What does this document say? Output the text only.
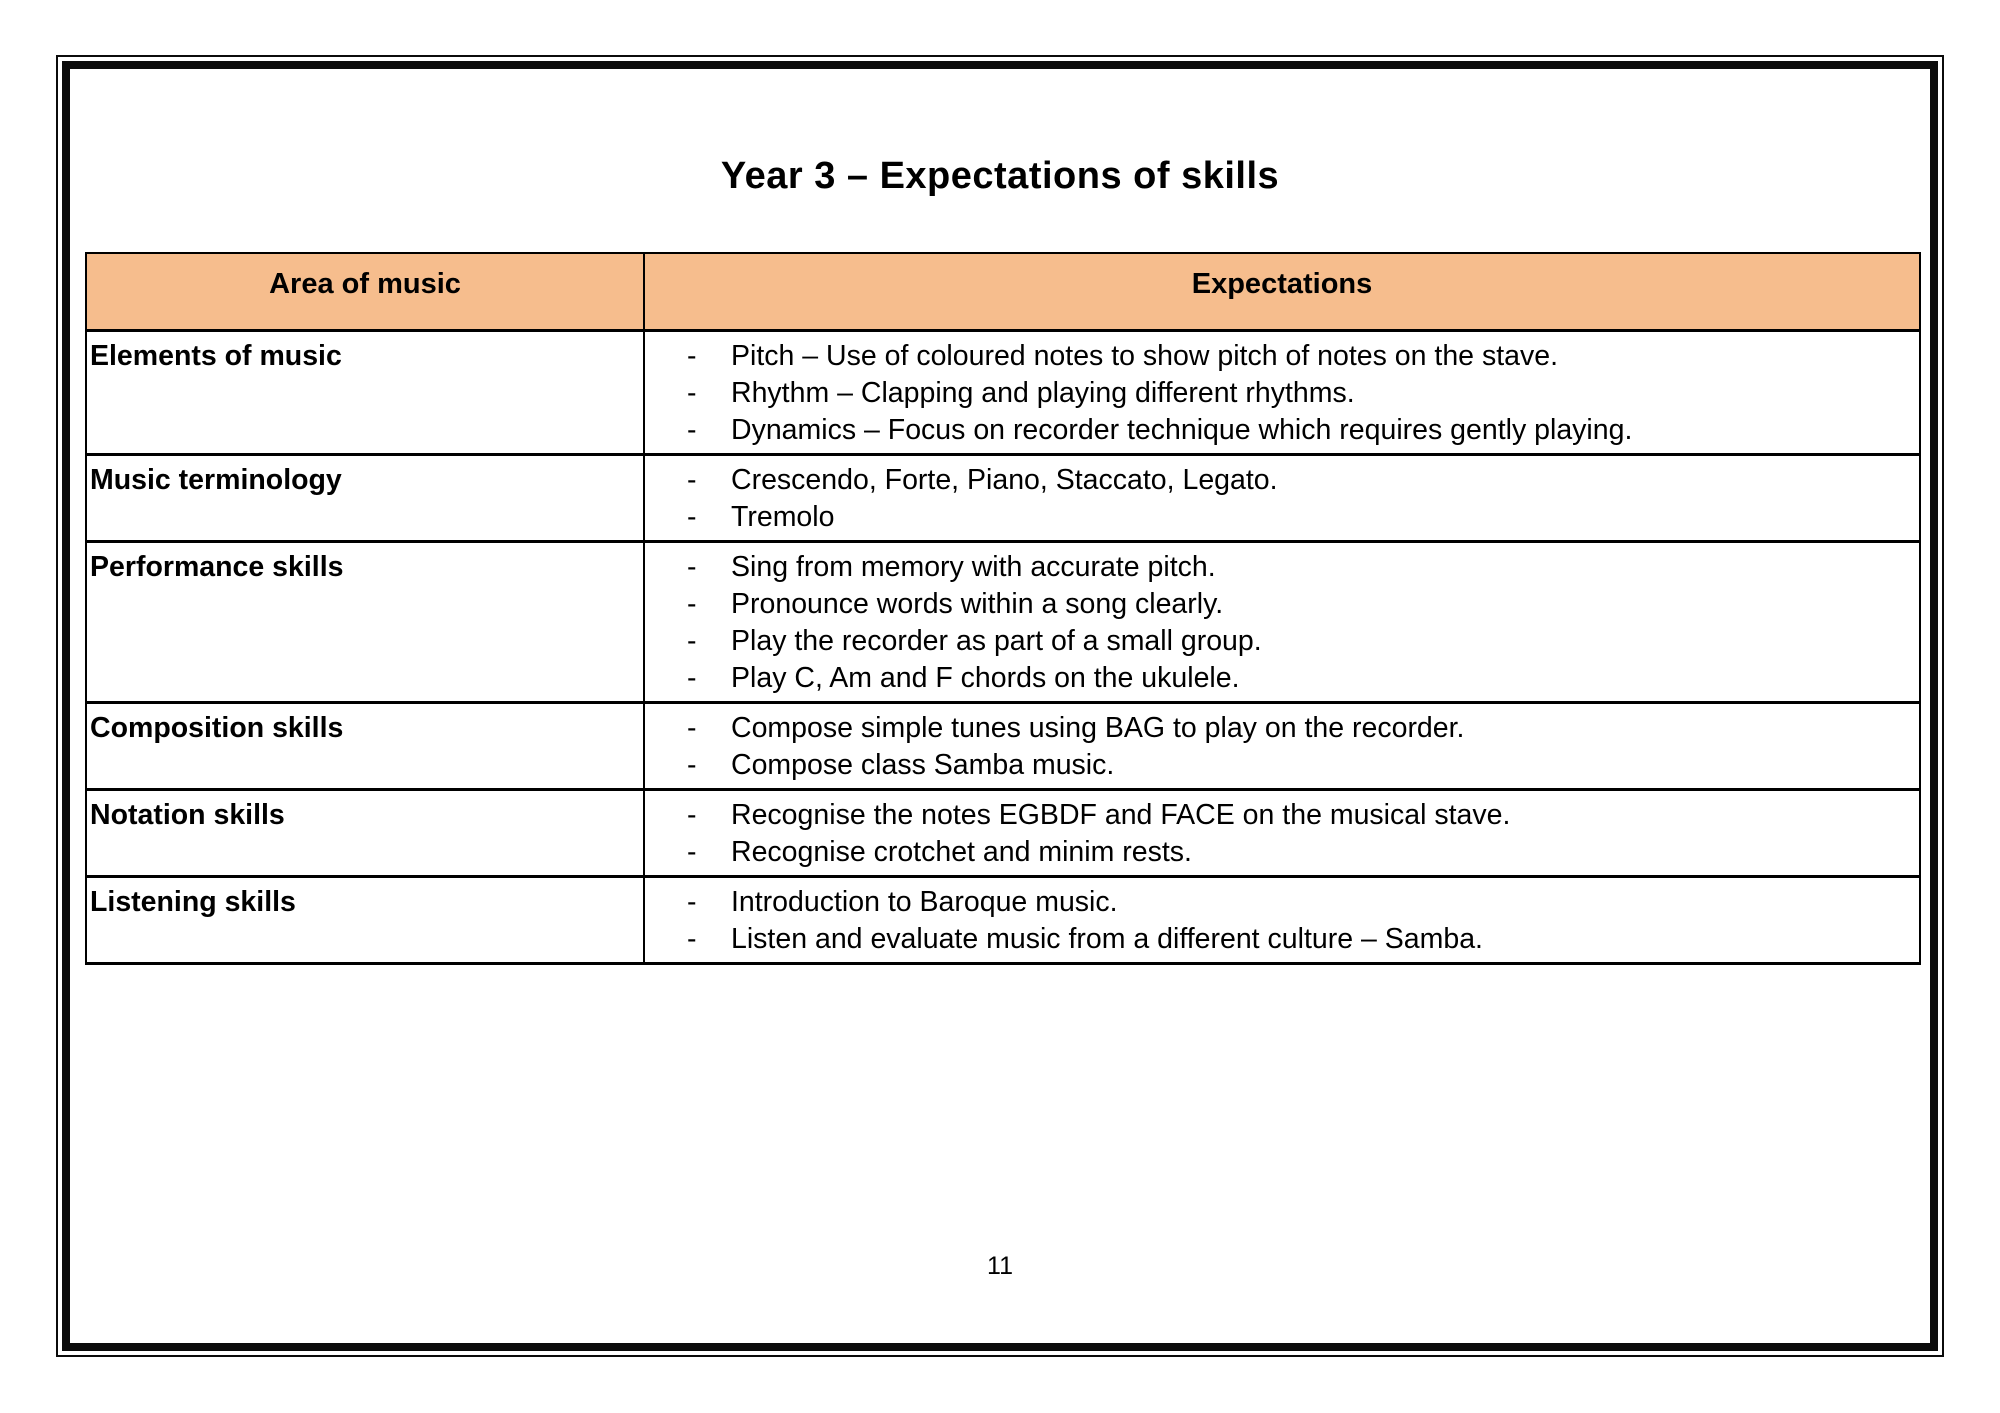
Year 3 – Expectations of skills
Area of music	Expectations
Elements of music	-	Pitch – Use of coloured notes to show pitch of notes on the stave.
-	Rhythm – Clapping and playing different rhythms.
-	Dynamics – Focus on recorder technique which requires gently playing.

Music terminology	- Crescendo, Forte, Piano, Staccato, Legato.
- Tremolo

Performance skills	-	Sing from memory with accurate pitch.
-	Pronounce words within a song clearly.
-	Play the recorder as part of a small group.
-	Play C, Am and F chords on the ukulele.

Composition skills	- Compose simple tunes using BAG to play on the recorder.
- Compose class Samba music.

Notation skills	- Recognise the notes EGBDF and FACE on the musical stave.
- Recognise crotchet and minim rests.

Listening skills	- Introduction to Baroque music.
- Listen and evaluate music from a different culture – Samba.
11
